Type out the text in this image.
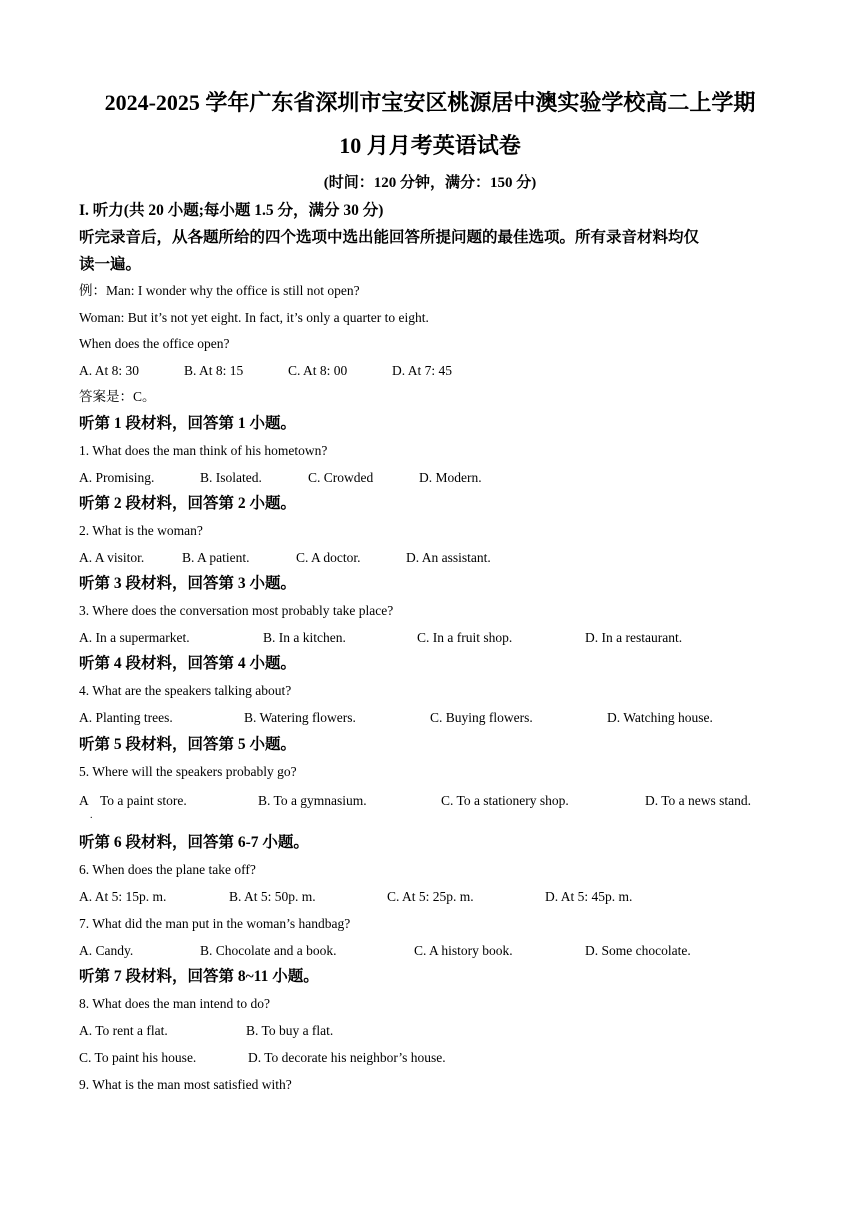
2024-2025 学年广东省深圳市宝安区桃源居中澳实验学校高二上学期
10 月月考英语试卷
(时间：120 分钟，满分：150 分)
I. 听力(共 20 小题;每小题 1.5 分，满分 30 分)
听完录音后，从各题所给的四个选项中选出能回答所提问题的最佳选项。所有录音材料均仅
读一遍。
例：Man: I wonder why the office is still not open?
Woman: But it’s not yet eight. In fact, it’s only a quarter to eight.
When does the office open?
A. At 8: 30	B. At 8: 15	C. At 8: 00	D. At 7: 45
答案是：C。
听第 1 段材料，回答第 1 小题。
1. What does the man think of his hometown?
A. Promising.	B. Isolated.	C. Crowded	D. Modern.
听第 2 段材料，回答第 2 小题。
2. What is the woman?
A. A visitor.	B. A patient.	C. A doctor.	D. An assistant.
听第 3 段材料，回答第 3 小题。
3. Where does the conversation most probably take place?
A. In a supermarket.	B. In a kitchen.	C. In a fruit shop.	D. In a restaurant.
听第 4 段材料，回答第 4 小题。
4. What are the speakers talking about?
A. Planting trees.	B. Watering flowers.	C. Buying flowers.	D. Watching house.
听第 5 段材料，回答第 5 小题。
5. Where will the speakers probably go?
A To a paint store.
.
B. To a gymnasium.	C. To a stationery shop.	D. To a news stand.
听第 6 段材料，回答第 6-7 小题。
6. When does the plane take off?
A. At 5: 15p. m.	B. At 5: 50p. m.	C. At 5: 25p. m.	D. At 5: 45p. m.
7. What did the man put in the woman’s handbag?
A. Candy.	B. Chocolate and a book.	C. A history book.	D. Some chocolate.
听第 7 段材料，回答第 8~11 小题。
8. What does the man intend to do?
A. To rent a flat.	B. To buy a flat.
C. To paint his house.	D. To decorate his neighbor’s house.
9. What is the man most satisfied with?
